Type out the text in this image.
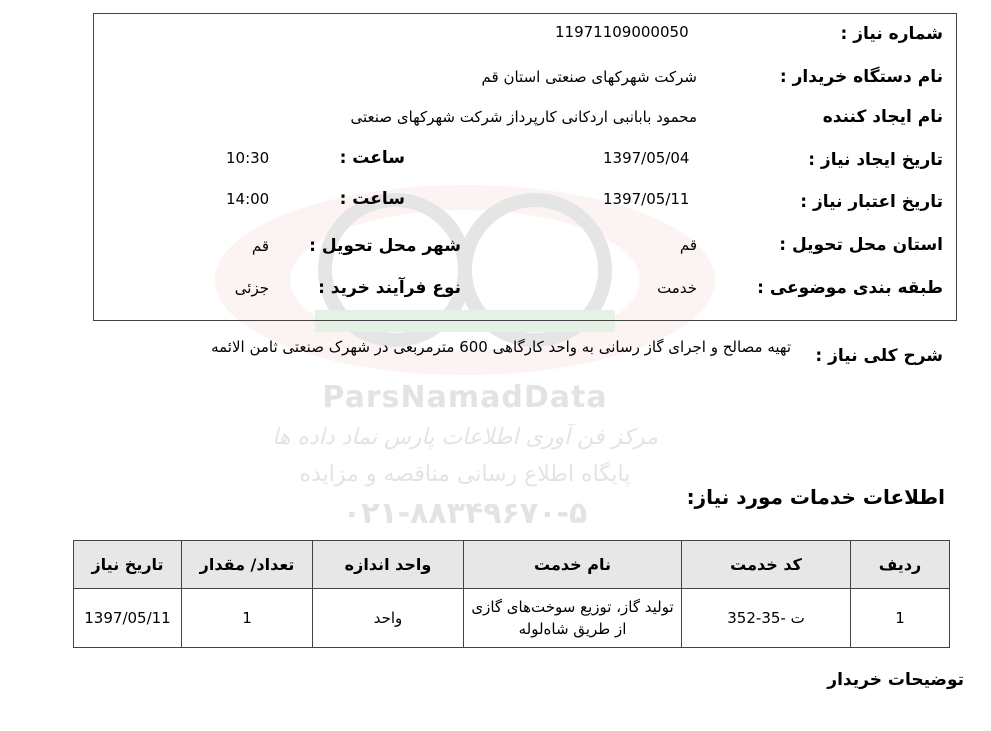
ParsNamadData
مرکز فن آوری اطلاعات پارس نماد داده ها
پایگاه اطلاع رسانی مناقصه و مزایده
۰۲۱-۸۸۳۴۹۶۷۰-۵
شماره نیاز :
11971109000050
نام دستگاه خریدار :
شرکت شهرکهای صنعتی استان قم
نام ایجاد کننده
محمود بابانبی اردکانی کارپرداز شرکت شهرکهای صنعتی
تاریخ ایجاد نیاز :
1397/05/04
ساعت :
10:30
تاریخ اعتبار نیاز :
1397/05/11
ساعت :
14:00
استان محل تحویل :
قم
شهر محل تحویل :
قم
طبقه بندی موضوعی :
خدمت
نوع فرآیند خرید :
جزئی
شرح کلی نیاز :
تهیه مصالح و اجرای گاز رسانی به واحد کارگاهی 600 مترمربعی در شهرک صنعتی ثامن الائمه
اطلاعات خدمات مورد نیاز:
ردیف	کد خدمت	نام خدمت	واحد اندازه	تعداد/ مقدار	تاریخ نیاز
1	ت -35-352	تولید گاز، توزیع سوخت‌های گازی از طریق شاه‌لوله	واحد	1	1397/05/11
توضیحات خریدار
